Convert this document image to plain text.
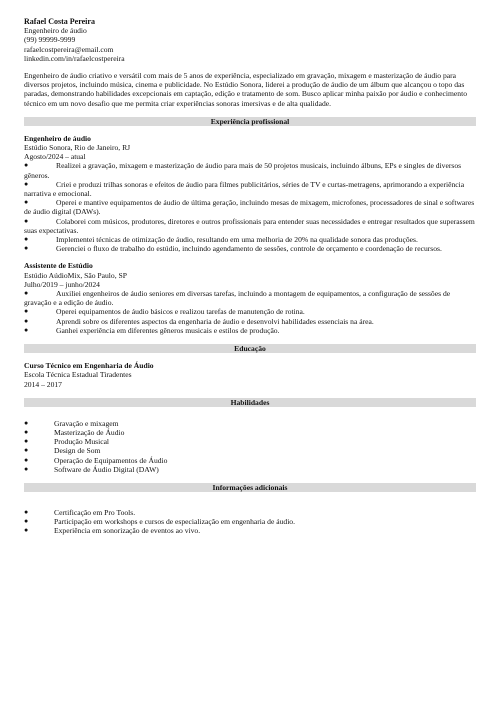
Rafael Costa Pereira
Engenheiro de áudio
(99) 99999-9999
rafaelcostpereira@email.com
linkedin.com/in/rafaelcostpereira
Engenheiro de áudio criativo e versátil com mais de 5 anos de experiência, especializado em gravação, mixagem e masterização de áudio para diversos projetos, incluindo música, cinema e publicidade. No Estúdio Sonora, liderei a produção de áudio de um álbum que alcançou o topo das paradas, demonstrando habilidades excepcionais em captação, edição e tratamento de som. Busco aplicar minha paixão por áudio e conhecimento técnico em um novo desafio que me permita criar experiências sonoras imersivas e de alta qualidade.
Experiência profissional
Engenheiro de áudio
Estúdio Sonora, Rio de Janeiro, RJ
Agosto/2024 – atual
●	Realizei a gravação, mixagem e masterização de áudio para mais de 50 projetos musicais, incluindo álbuns, EPs e singles de diversos gêneros.
●	Criei e produzi trilhas sonoras e efeitos de áudio para filmes publicitários, séries de TV e curtas-metragens, aprimorando a experiência narrativa e emocional.
●	Operei e mantive equipamentos de áudio de última geração, incluindo mesas de mixagem, microfones, processadores de sinal e softwares de áudio digital (DAWs).
●	Colaborei com músicos, produtores, diretores e outros profissionais para entender suas necessidades e entregar resultados que superassem suas expectativas.
●	Implementei técnicas de otimização de áudio, resultando em uma melhoria de 20% na qualidade sonora das produções.
●	Gerenciei o fluxo de trabalho do estúdio, incluindo agendamento de sessões, controle de orçamento e coordenação de recursos.
Assistente de Estúdio
Estúdio AúdioMix, São Paulo, SP
Julho/2019 – junho/2024
●	Auxiliei engenheiros de áudio seniores em diversas tarefas, incluindo a montagem de equipamentos, a configuração de sessões de gravação e a edição de áudio.
●	Operei equipamentos de áudio básicos e realizou tarefas de manutenção de rotina.
●	Aprendi sobre os diferentes aspectos da engenharia de áudio e desenvolvi habilidades essenciais na área.
●	Ganhei experiência em diferentes gêneros musicais e estilos de produção.
Educação
Curso Técnico em Engenharia de Áudio
Escola Técnica Estadual Tiradentes
2014 – 2017
Habilidades
●	Gravação e mixagem
●	Masterização de Áudio
●	Produção Musical
●	Design de Som
●	Operação de Equipamentos de Áudio
●	Software de Áudio Digital (DAW)
Informações adicionais
●	Certificação em Pro Tools.
●	Participação em workshops e cursos de especialização em engenharia de áudio.
●	Experiência em sonorização de eventos ao vivo.
